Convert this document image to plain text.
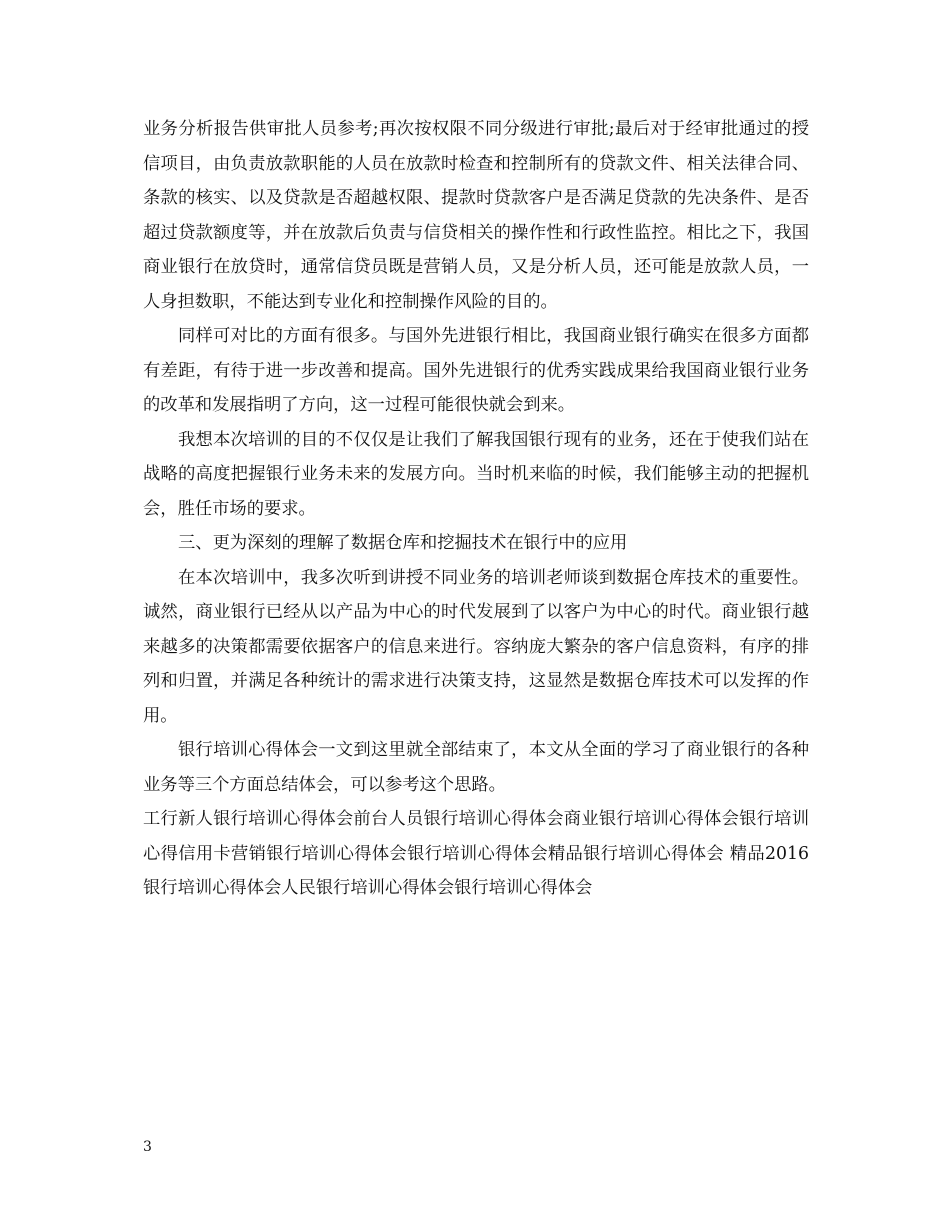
业务分析报告供审批人员参考;再次按权限不同分级进行审批;最后对于经审批通过的授信项目，由负责放款职能的人员在放款时检查和控制所有的贷款文件、相关法律合同、条款的核实、以及贷款是否超越权限、提款时贷款客户是否满足贷款的先决条件、是否超过贷款额度等，并在放款后负责与信贷相关的操作性和行政性监控。相比之下，我国商业银行在放贷时，通常信贷员既是营销人员，又是分析人员，还可能是放款人员，一人身担数职，不能达到专业化和控制操作风险的目的。

同样可对比的方面有很多。与国外先进银行相比，我国商业银行确实在很多方面都有差距，有待于进一步改善和提高。国外先进银行的优秀实践成果给我国商业银行业务的改革和发展指明了方向，这一过程可能很快就会到来。

我想本次培训的目的不仅仅是让我们了解我国银行现有的业务，还在于使我们站在战略的高度把握银行业务未来的发展方向。当时机来临的时候，我们能够主动的把握机会，胜任市场的要求。

三、更为深刻的理解了数据仓库和挖掘技术在银行中的应用

在本次培训中，我多次听到讲授不同业务的培训老师谈到数据仓库技术的重要性。诚然，商业银行已经从以产品为中心的时代发展到了以客户为中心的时代。商业银行越来越多的决策都需要依据客户的信息来进行。容纳庞大繁杂的客户信息资料，有序的排列和归置，并满足各种统计的需求进行决策支持，这显然是数据仓库技术可以发挥的作用。

银行培训心得体会一文到这里就全部结束了，本文从全面的学习了商业银行的各种业务等三个方面总结体会，可以参考这个思路。

工行新人银行培训心得体会前台人员银行培训心得体会商业银行培训心得体会银行培训心得信用卡营销银行培训心得体会银行培训心得体会精品银行培训心得体会 精品2016银行培训心得体会人民银行培训心得体会银行培训心得体会

3
